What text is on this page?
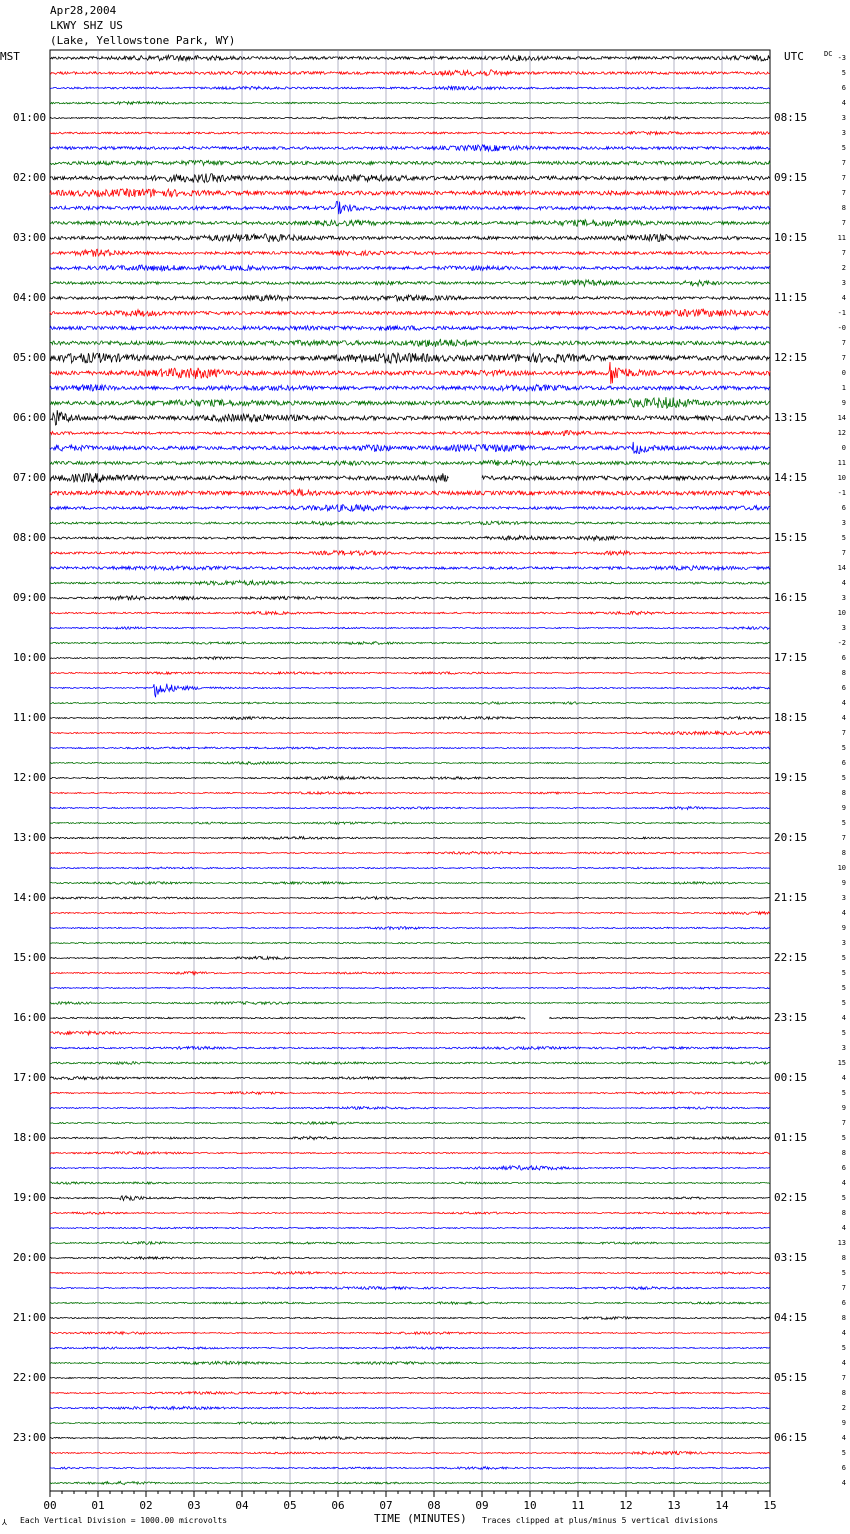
00	01	02	03	04	05	06	07	08	09	10	11	12	13	14	15
Apr28,2004
LKWY SHZ US
(Lake, Yellowstone Park, WY)
MST	UTC	DC
01:00
02:00
03:00
04:00
05:00
06:00
07:00
08:00
09:00
10:00
11:00
12:00
13:00
14:00
15:00
16:00
17:00
18:00
19:00
20:00
21:00
22:00
23:00
08:15
09:15
10:15
11:15
12:15
13:15
14:15
15:15
16:15
17:15
18:15
19:15
20:15
21:15
22:15
23:15
00:15
01:15
02:15
03:15
04:15
05:15
06:15
-3
5
6
4
3
3
5
7
7
7
8
7
11
7
2
3
4
-1
-0
7
7
0
1
9
14
12
0
11
10
-1
6
3
5
7
14
4
3
10
3
-2
6
8
6
4
4
7
5
6
5
8
9
5
7
8
10
9
3
4
9
3
5
5
5
5
4
5
3
15
4
5
9
7
5
8
6
4
5
8
4
13
8
5
7
6
8
4
5
4
7
8
2
9
4
5
6
4
TIME (MINUTES)
⅄ Each Vertical Division = 1000.00 microvolts	Traces clipped at plus/minus 5 vertical divisions
